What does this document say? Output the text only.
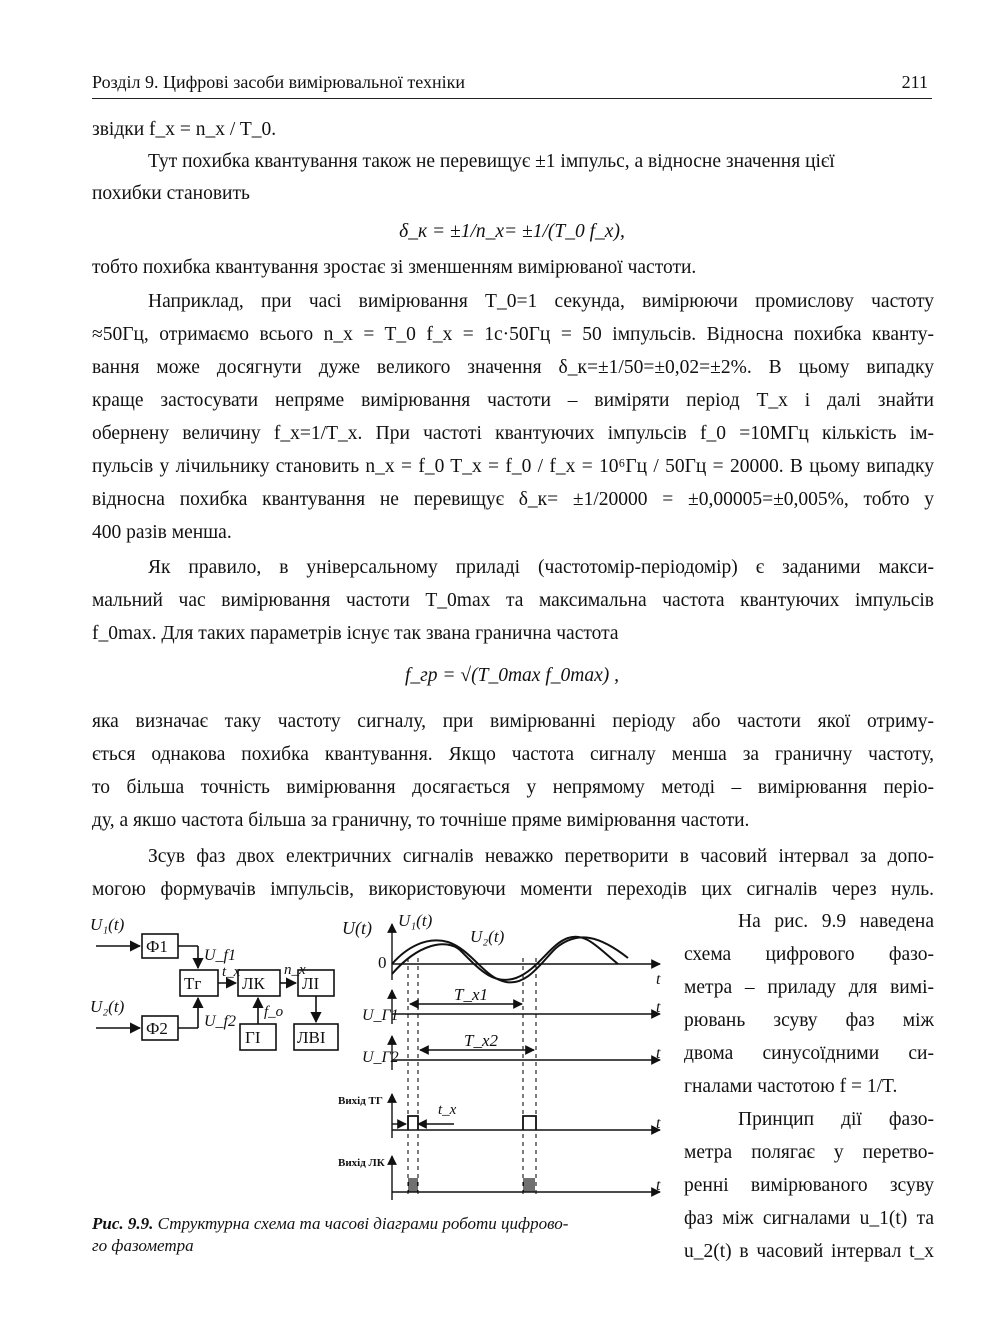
Розділ 9. Цифрові засоби вимірювальної техніки	211
звідки f_x = n_x / T_0.
Тут похибка квантування також не перевищує ±1 імпульс, а відносне значення цієї
похибки становить
δ_к = ±1/n_x= ±1/(T_0 f_x),
тобто похибка квантування зростає зі зменшенням вимірюваної частоти.
Наприклад, при часі вимірювання T_0=1 секунда, вимірюючи промислову частоту
≈50Гц, отримаємо всього n_x = T_0 f_x = 1с·50Гц = 50 імпульсів. Відносна похибка кванту-
вання може досягнути дуже великого значення δ_к=±1/50=±0,02=±2%. В цьому випадку
краще застосувати непряме вимірювання частоти – виміряти період T_x і далі знайти
обернену величину f_x=1/T_x. При частоті квантуючих імпульсів f_0 =10МГц кількість ім-
пульсів у лічильнику становить n_x = f_0 T_x = f_0 / f_x = 10⁶Гц / 50Гц = 20000. В цьому випадку
відносна похибка квантування не перевищує δ_к= ±1/20000 = ±0,00005=±0,005%, тобто у
400 разів менша.
Як правило, в універсальному приладі (частотомір-періодомір) є заданими макси-
мальний час вимірювання частоти T_0max та максимальна частота квантуючих імпульсів
f_0max. Для таких параметрів існує так звана гранична частота
f_гр = √(T_0max f_0max) ,
яка визначає таку частоту сигналу, при вимірюванні періоду або частоти якої отриму-
ється однакова похибка квантування. Якщо частота сигналу менша за граничну частоту,
то більша точність вимірювання досягається у непрямому методі – вимірювання періо-
ду, а якшо частота більша за граничну, то точніше пряме вимірювання частоти.
Зсув фаз двох електричних сигналів неважко перетворити в часовий інтервал за допо-
могою формувачів імпульсів, використовуючи моменти переходів цих сигналів через нуль.
На рис. 9.9 наведена
схема цифрового фазо-
метра – приладу для вимі-
рювань зсуву фаз між
двома синусоїдними си-
гналами частотою f = 1/T.
Принцип дії фазо-
метра полягає у перетво-
ренні вимірюваного зсуву
фаз між сигналами u_1(t) та
u_2(t) в часовий інтервал t_x
U₁(t)
Ф1 U_f1
Тг
t_x
ЛК
n_x
ЛІ
ЛВІ
ГІ
f_o
U₂(t)
Ф2 U_f2
U(t) U₁(t)
U₂(t)
0
t
U_Г1	t
T_x1
U_Г2	t
T_x2
Вихід ТГ
t
t_x
Вихід ЛК
t
Рис. 9.9. Структурна схема та часові діаграми роботи цифрово-
го фазометра
